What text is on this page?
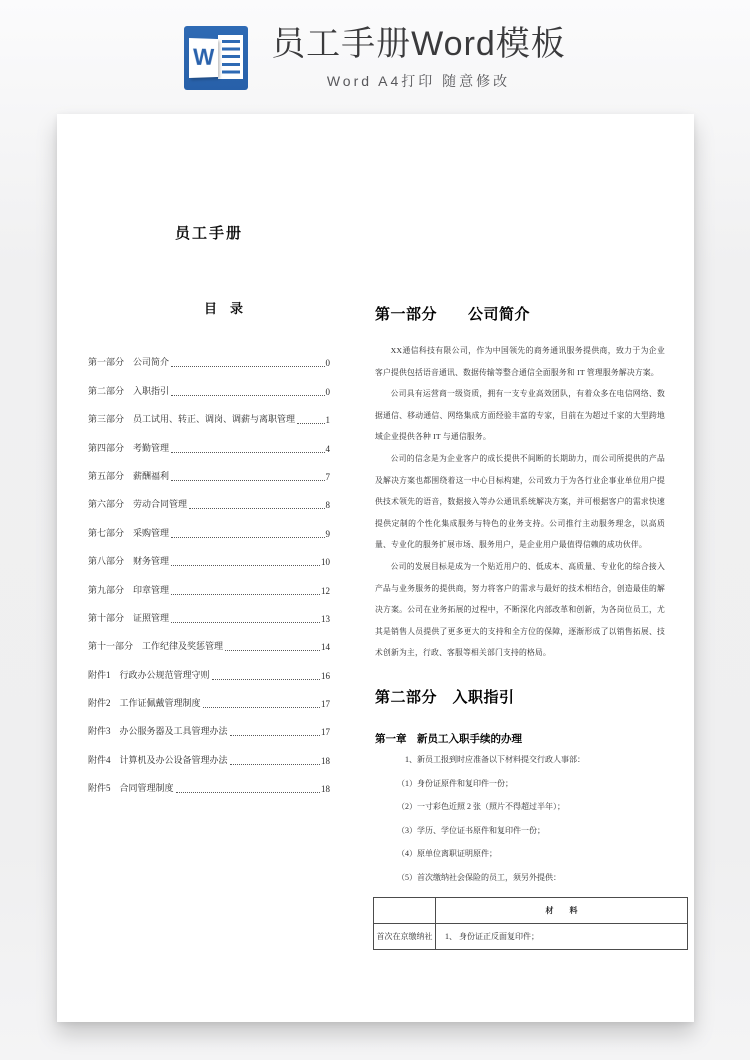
W 员工手册Word模板
Word A4打印 随意修改
员工手册
目　录
第一部分　公司简介	0
第二部分　入职指引	0
第三部分　员工试用、转正、调岗、调薪与离职管理	1
第四部分　考勤管理	4
第五部分　薪酬福利	7
第六部分　劳动合同管理	8
第七部分　采购管理	9
第八部分　财务管理	10
第九部分　印章管理	12
第十部分　证照管理	13
第十一部分　工作纪律及奖惩管理	14
附件1　行政办公规范管理守则	16
附件2　工作证佩戴管理制度	17
附件3　办公服务器及工具管理办法	17
附件4　计算机及办公设备管理办法	18
附件5　合同管理制度	18
第一部分　　公司简介

XX通信科技有限公司，作为中国领先的商务通讯服务提供商，致力于为企业客户提供包括语音通讯、数据传输等整合通信全面服务和 IT 管理服务解决方案。

公司具有运营商一级资质，拥有一支专业高效团队，有着众多在电信网络、数据通信、移动通信、网络集成方面经验丰富的专家，目前在为超过千家的大型跨地域企业提供各种 IT 与通信服务。

公司的信念是为企业客户的成长提供不间断的长期助力，而公司所提供的产品及解决方案也都围绕着这一中心目标构建，公司致力于为各行业企事业单位用户提供技术领先的语音，数据接入等办公通讯系统解决方案，并可根据客户的需求快速提供定制的个性化集成服务与特色的业务支持。公司推行主动服务理念，以高质量、专业化的服务扩展市场、服务用户，是企业用户最值得信赖的成功伙伴。

公司的发展目标是成为一个贴近用户的、低成本、高质量、专业化的综合接入产品与业务服务的提供商，努力将客户的需求与最好的技术相结合，创造最佳的解决方案。公司在业务拓展的过程中，不断深化内部改革和创新，为各岗位员工，尤其是销售人员提供了更多更大的支持和全方位的保障，逐渐形成了以销售拓展、技术创新为主，行政、客服等相关部门支持的格局。

第二部分　入职指引
第一章　新员工入职手续的办理
1、新员工报到时应准备以下材料提交行政人事部：
（1）身份证原件和复印件一份；
（2）一寸彩色近照 2 张（照片不得超过半年）；
（3）学历、学位证书原件和复印件一份；
（4）原单位离职证明原件；
（5）首次缴纳社会保险的员工，须另外提供：
	材　　料
首次在京缴纳社	1、 身份证正反面复印件；
